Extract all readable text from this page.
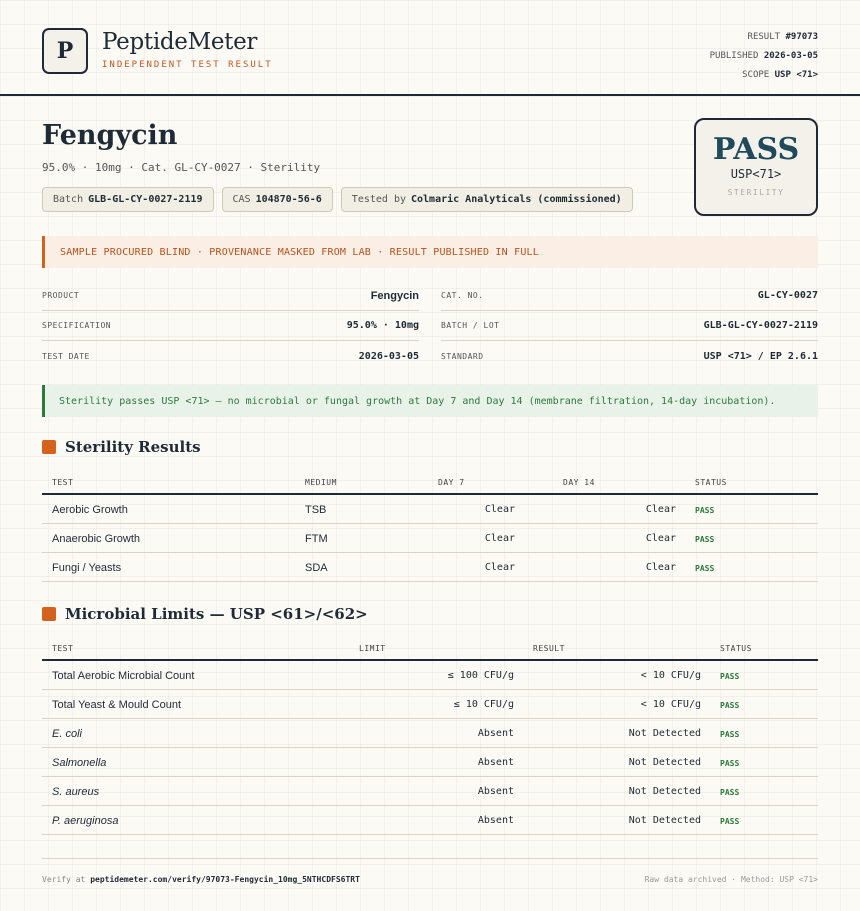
P	PeptideMeter
INDEPENDENT TEST RESULT
RESULT #97073
PUBLISHED 2026-03-05
SCOPE USP <71>
Fengycin
95.0% · 10mg · Cat. GL-CY-0027 · Sterility
Batch GLB-GL-CY-0027-2119	CAS 104870-56-6	Tested by Colmaric Analyticals (commissioned)
PASS
USP<71>
STERILITY
SAMPLE PROCURED BLIND · PROVENANCE MASKED FROM LAB · RESULT PUBLISHED IN FULL
PRODUCT	Fengycin
SPECIFICATION	95.0% · 10mg
TEST DATE	2026-03-05
CAT. NO.	GL-CY-0027
BATCH / LOT	GLB-GL-CY-0027-2119
STANDARD	USP <71> / EP 2.6.1
Sterility passes USP <71> — no microbial or fungal growth at Day 7 and Day 14 (membrane filtration, 14-day incubation).
Sterility Results
TEST	MEDIUM	DAY 7	DAY 14	STATUS
Aerobic Growth	TSB	Clear	Clear PASS
Anaerobic Growth	FTM	Clear	Clear PASS
Fungi / Yeasts	SDA	Clear	Clear PASS
Microbial Limits — USP <61>/<62>
TEST	LIMIT	RESULT	STATUS
Total Aerobic Microbial Count	≤ 100 CFU/g	< 10 CFU/g PASS
Total Yeast & Mould Count	≤ 10 CFU/g	< 10 CFU/g PASS
E. coli	Absent	Not Detected PASS
Salmonella	Absent	Not Detected PASS
S. aureus	Absent	Not Detected PASS
P. aeruginosa	Absent	Not Detected PASS
Verify at peptidemeter.com/verify/97073-Fengycin_10mg_5NTHCDFS6TRT	Raw data archived · Method: USP <71>
